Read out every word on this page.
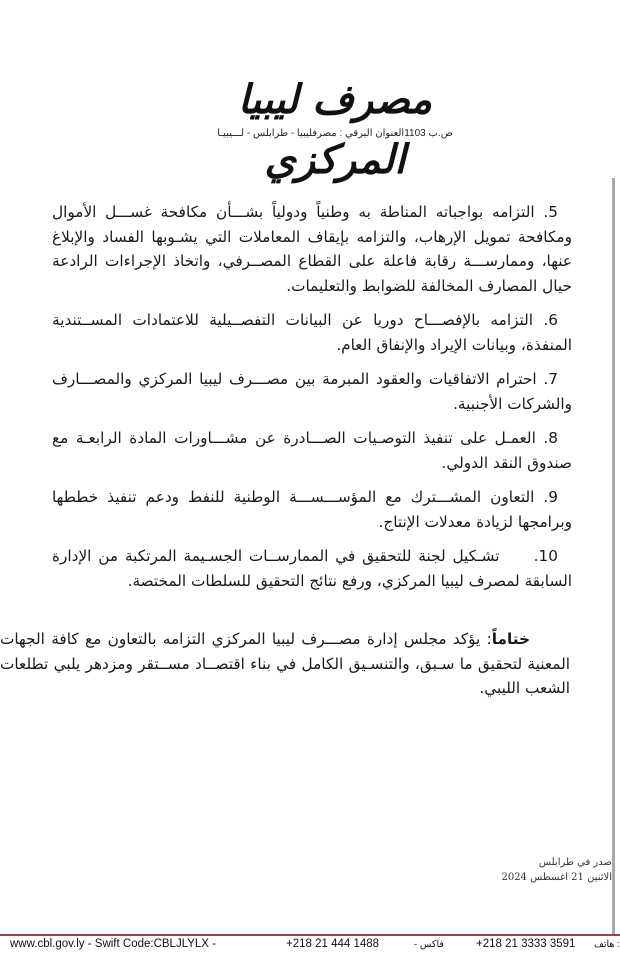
مصرف ليبيا المركزي
ص.ب 1103العنوان البرقي : مصرفليبيا - طرابلس - لـــيبيـا

5. التزامه بواجباته المناطة به وطنياً ودولياً بشـــأن مكافحة غســـل الأموال ومكافحة تمويل الإرهاب، والتزامه بإيقاف المعاملات التي يشـوبها الفساد والإبلاغ عنها، وممارســـة رقابة فاعلة على القطاع المصــرفي، واتخاذ الإجراءات الرادعة حيال المصارف المخالفة للضوابط والتعليمات.

6. التزامه بالإفصـــاح دوريا عن البيانات التفصــيلية للاعتمادات المســتندية المنفذة، وبيانات الإيراد والإنفاق العام.

7. احترام الاتفاقيات والعقود المبرمة بين مصـــرف ليبيا المركزي والمصـــارف والشركات الأجنبية.

8. العمـل على تنفيذ التوصـيات الصـــادرة عن مشـــاورات المادة الرابعـة مع صندوق النقد الدولي.

9. التعاون المشـــترك مع المؤســـســـة الوطنية للنفط ودعم تنفيذ خططها وبرامجها لزيادة معدلات الإنتاج.

10.     تشـكيل لجنة للتحقيق في الممارســات الجسـيمة المرتكبة من الإدارة السابقة لمصرف ليبيا المركزي، ورفع نتائج التحقيق للسلطات المختصة.

ختاماً: يؤكد مجلس إدارة مصـــرف ليبيا المركزي التزامه بالتعاون مع كافة الجهات المعنية لتحقيق ما سـبق، والتنسـيق الكامل في بناء اقتصــاد مســتقر ومزدهر يلبي تطلعات الشعب الليبي.

صدر في طرابلس
الاثنين 21 اغسطس 2024
www.cbl.gov.ly - Swift Code:CBLJLYLX -	+218 21 444 1488	- فاكس	+218 21 3333 3591 هاتف :
